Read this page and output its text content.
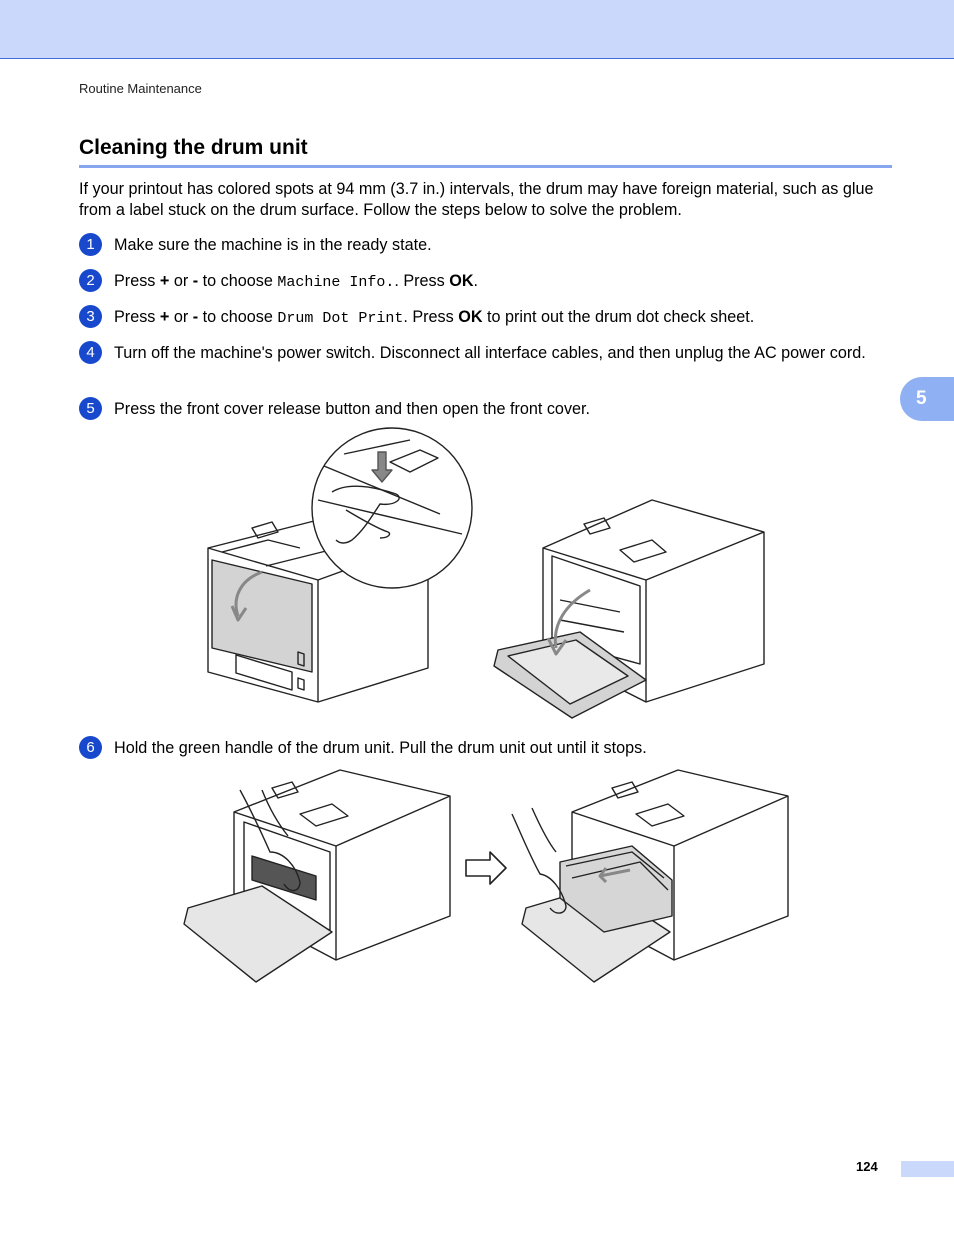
Routine Maintenance
Cleaning the drum unit

If your printout has colored spots at 94 mm (3.7 in.) intervals, the drum may have foreign material, such as glue from a label stuck on the drum surface. Follow the steps below to solve the problem.

1	Make sure the machine is in the ready state.
2	Press + or - to choose Machine Info.. Press OK.
3	Press + or - to choose Drum Dot Print. Press OK to print out the drum dot check sheet.
4	Turn off the machine's power switch. Disconnect all interface cables, and then unplug the AC power cord.
5	Press the front cover release button and then open the front cover.
6	Hold the green handle of the drum unit. Pull the drum unit out until it stops.
5
124
